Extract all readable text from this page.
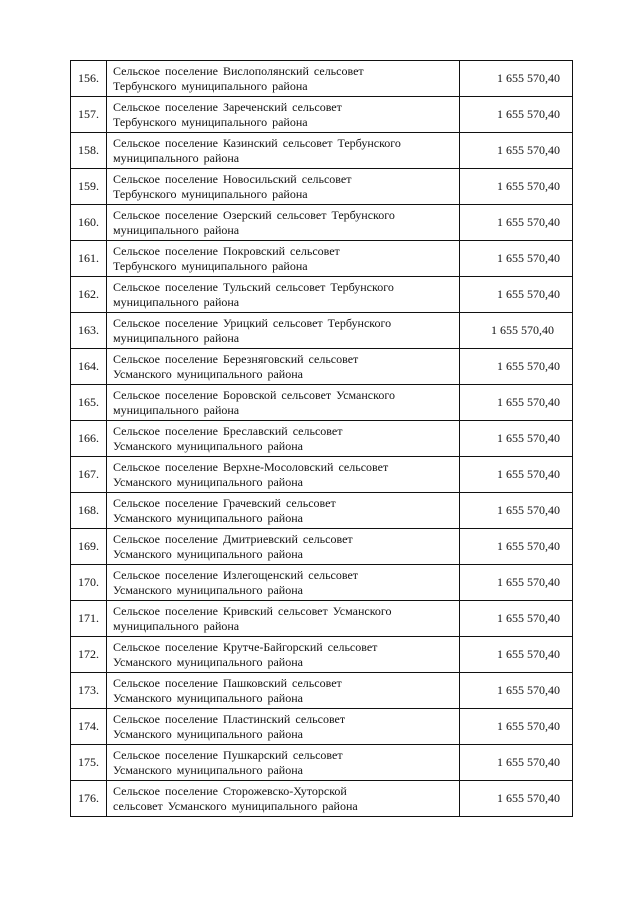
156.	Сельское поселение Вислополянский сельсовет
Тербунского муниципального района	1 655 570,40
157.	Сельское поселение Зареченский сельсовет
Тербунского муниципального района	1 655 570,40
158.	Сельское поселение Казинский сельсовет Тербунского
муниципального района	1 655 570,40
159.	Сельское поселение Новосильский сельсовет
Тербунского муниципального района	1 655 570,40
160.	Сельское поселение Озерский сельсовет Тербунского
муниципального района	1 655 570,40
161.	Сельское поселение Покровский сельсовет
Тербунского муниципального района	1 655 570,40
162.	Сельское поселение Тульский сельсовет Тербунского
муниципального района	1 655 570,40
163.	Сельское поселение Урицкий сельсовет Тербунского
муниципального района	1 655 570,40
164.	Сельское поселение Березняговский сельсовет
Усманского муниципального района	1 655 570,40
165.	Сельское поселение Боровской сельсовет Усманского
муниципального района	1 655 570,40
166.	Сельское поселение Бреславский сельсовет
Усманского муниципального района	1 655 570,40
167.	Сельское поселение Верхне-Мосоловский сельсовет
Усманского муниципального района	1 655 570,40
168.	Сельское поселение Грачевский сельсовет
Усманского муниципального района	1 655 570,40
169.	Сельское поселение Дмитриевский сельсовет
Усманского муниципального района	1 655 570,40
170.	Сельское поселение Излегощенский сельсовет
Усманского муниципального района	1 655 570,40
171.	Сельское поселение Кривский сельсовет Усманского
муниципального района	1 655 570,40
172.	Сельское поселение Крутче-Байгорский сельсовет
Усманского муниципального района	1 655 570,40
173.	Сельское поселение Пашковский сельсовет
Усманского муниципального района	1 655 570,40
174.	Сельское поселение Пластинский сельсовет
Усманского муниципального района	1 655 570,40
175.	Сельское поселение Пушкарский сельсовет
Усманского муниципального района	1 655 570,40
176.	Сельское поселение Сторожевско-Хуторской
сельсовет Усманского муниципального района	1 655 570,40
